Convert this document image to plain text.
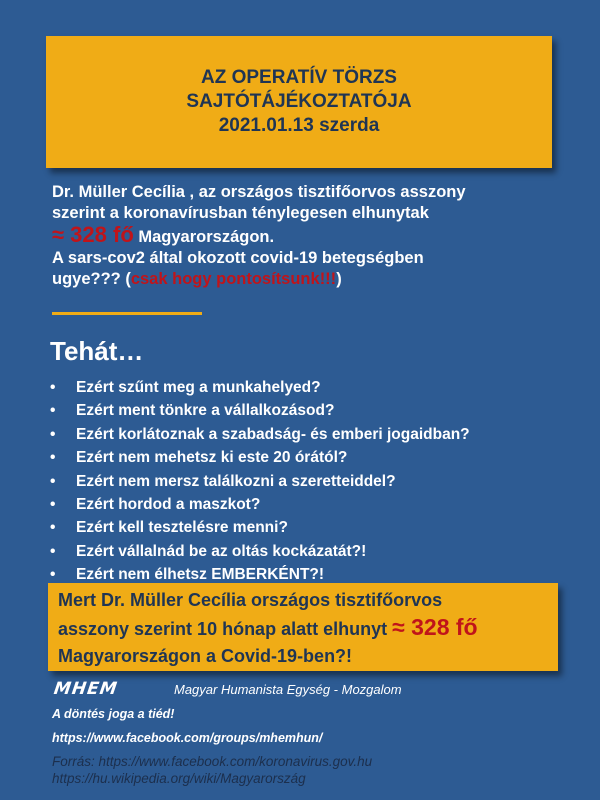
AZ OPERATÍV TÖRZS
SAJTÓTÁJÉKOZTATÓJA
2021.01.13 szerda
Dr. Müller Cecília , az országos tisztifőorvos asszony
szerint a koronavírusban ténylegesen elhunytak
≈ 328 fő Magyarországon.
A sars-cov2 által okozott covid-19 betegségben
ugye??? (csak hogy pontosítsunk!!!)
Tehát…
•	Ezért szűnt meg a munkahelyed?
•	Ezért ment tönkre a vállalkozásod?
•	Ezért korlátoznak a szabadság- és emberi jogaidban?
•	Ezért nem mehetsz ki este 20 órától?
•	Ezért nem mersz találkozni a szeretteiddel?
•	Ezért hordod a maszkot?
•	Ezért kell tesztelésre menni?
•	Ezért vállalnád be az oltás kockázatát?!
•	Ezért nem élhetsz EMBERKÉNT?!
Mert Dr. Müller Cecília országos tisztifőorvos
asszony szerint 10 hónap alatt elhunyt ≈ 328 fő
Magyarországon a Covid-19-ben?!
MHEM	Magyar Humanista Egység - Mozgalom
A döntés joga a tiéd!
https://www.facebook.com/groups/mhemhun/
Forrás: https://www.facebook.com/koronavirus.gov.hu
https://hu.wikipedia.org/wiki/Magyarország
